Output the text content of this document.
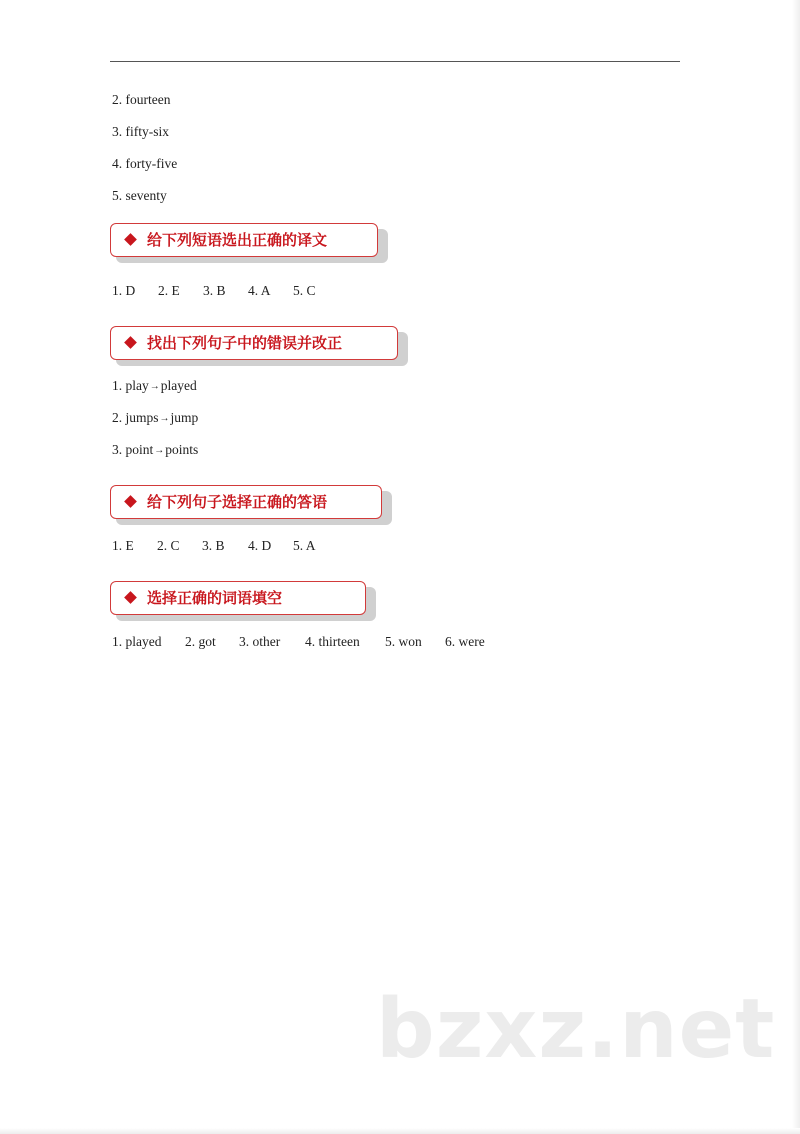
2. fourteen
3. fifty-six
4. forty-five
5. seventy
给下列短语选出正确的译文
1. D 2. E 3. B 4. A 5. C
找出下列句子中的错误并改正
1. play→played
2. jumps→jump
3. point→points
给下列句子选择正确的答语
1. E 2. C 3. B 4. D 5. A
选择正确的词语填空
1. played 2. got 3. other 4. thirteen 5. won 6. were
bzxz.net
